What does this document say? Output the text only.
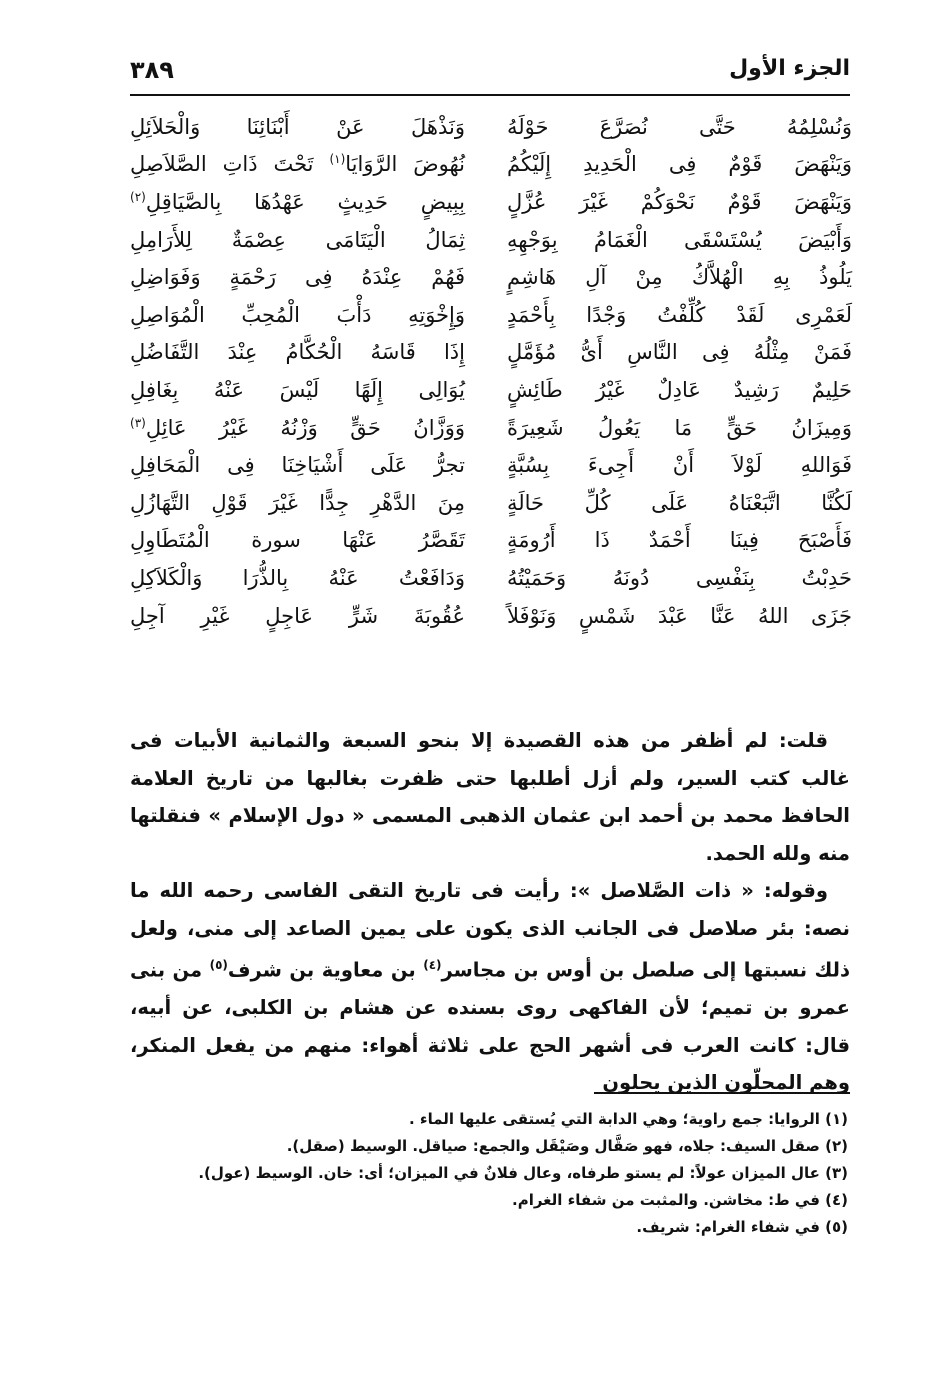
الجزء الأول
٣٨٩
وَنُسْلِمُهُ حَتَّى نُصَرَّعَ حَوْلَهُ
وَنَذْهَلَ عَنْ أَبْنَائِنَا وَالْحَلاَئِلِ
وَيَنْهَضَ قَوْمٌ فِى الْحَدِيدِ إِلَيْكُمُ
نُهُوضَ الرَّوَايَا$^{(١)}$ تَحْتَ ذَاتِ الصَّلاَصِلِ
وَيَنْهَضَ قَوْمٌ نَحْوَكُمْ غَيْرَ عُزَّلٍ
بِبِيضٍ حَدِيثٍ عَهْدُهَا بِالصَّيَاقِلِ$^{(٢)}$
وَأَبْيَضَ يُسْتَسْقَى الْغَمَامُ بِوَجْهِهِ
ثِمَالُ الْيَتَامَى عِصْمَةٌ لِلأَرَامِلِ
يَلُوذُ بِهِ الْهُلاَّكُ مِنْ آلِ هَاشِمٍ
فَهُمْ عِنْدَهُ فِى رَحْمَةٍ وَفَوَاضِلِ
لَعَمْرِى لَقَدْ كُلِّفْتُ وَجْدًا بِأَحْمَدٍ
وَإِخْوَتِهِ دَأْبَ الْمُحِبِّ الْمُوَاصِلِ
فَمَنْ مِثْلُهُ فِى النَّاسِ أَىُّ مُؤَمَّلٍ
إِذَا قَاسَهُ الْحُكَّامُ عِنْدَ التَّفَاضُلِ
حَلِيمٌ رَشِيدٌ عَادِلٌ غَيْرُ طَائِشٍ
يُوَالِى إِلَهًا لَيْسَ عَنْهُ بِغَافِلِ
وَمِيزَانُ حَقٍّ مَا يَعُولُ شَعِيرَةً
وَوَزَّانُ حَقٍّ وَزْنُهُ غَيْرُ عَائِلِ$^{(٣)}$
فَوَاللهِ لَوْلاَ أَنْ أَجِىءَ بِسُبَّةٍ
تجرُّ عَلَى أَشْيَاخِنَا فِى الْمَحَافِلِ
لَكُنَّا اتَّبَعْنَاهُ عَلَى كُلِّ حَالَةٍ
مِنَ الدَّهْرِ جِدًّا غَيْرَ قَوْلِ التَّهَازُلِ
فَأَصْبَحَ فِينَا أَحْمَدٌ ذَا أَرُومَةٍ
تَقَصَّرُ عَنْهَا سورة الْمُتَطَاوِلِ
حَدِبْتُ بِنَفْسِى دُونَهُ وَحَمَيْتُهُ
وَدَافَعْتُ عَنْهُ بِالذُّرَا وَالْكَلاَكِلِ
جَزَى اللهُ عَنَّا عَبْدَ شَمْسٍ وَنَوْفَلاً
عُقُوبَةَ شَرٍّ عَاجِلٍ غَيْرِ آجِلِ

قلت: لم أظفر من هذه القصيدة إلا بنحو السبعة والثمانية الأبيات فى غالب كتب السير، ولم أزل أطلبها حتى ظفرت بغالبها من تاريخ العلامة الحافظ محمد بن أحمد ابن عثمان الذهبى المسمى « دول الإسلام » فنقلتها منه ولله الحمد.

وقوله: « ذات الصَّلاصل »: رأيت فى تاريخ التقى الفاسى رحمه الله ما نصه: بئر صلاصل فى الجانب الذى يكون على يمين الصاعد إلى منى، ولعل ذلك نسبتها إلى صلصل بن أوس بن مجاسر$^{(٤)}$ بن معاوية بن شرف$^{(٥)}$ من بنى عمرو بن تميم؛ لأن الفاكهى روى بسنده عن هشام بن الكلبى، عن أبيه، قال: كانت العرب فى أشهر الحج على ثلاثة أهواء: منهم من يفعل المنكر، وهم المحلّون الذين يحلون

(١) الروايا: جمع راوية؛ وهي الدابة التي يُستقى عليها الماء .
(٢) صقل السيف: جلاه، فهو صَقَّال وصَيْقَل والجمع: صياقل. الوسيط (صقل).
(٣) عال الميزان عولاً: لم يستو طرفاه، وعال فلانٌ في الميزان؛ أى: خان. الوسيط (عول).
(٤) في ط: مخاشن. والمثبت من شفاء الغرام.
(٥) في شفاء الغرام: شريف.
